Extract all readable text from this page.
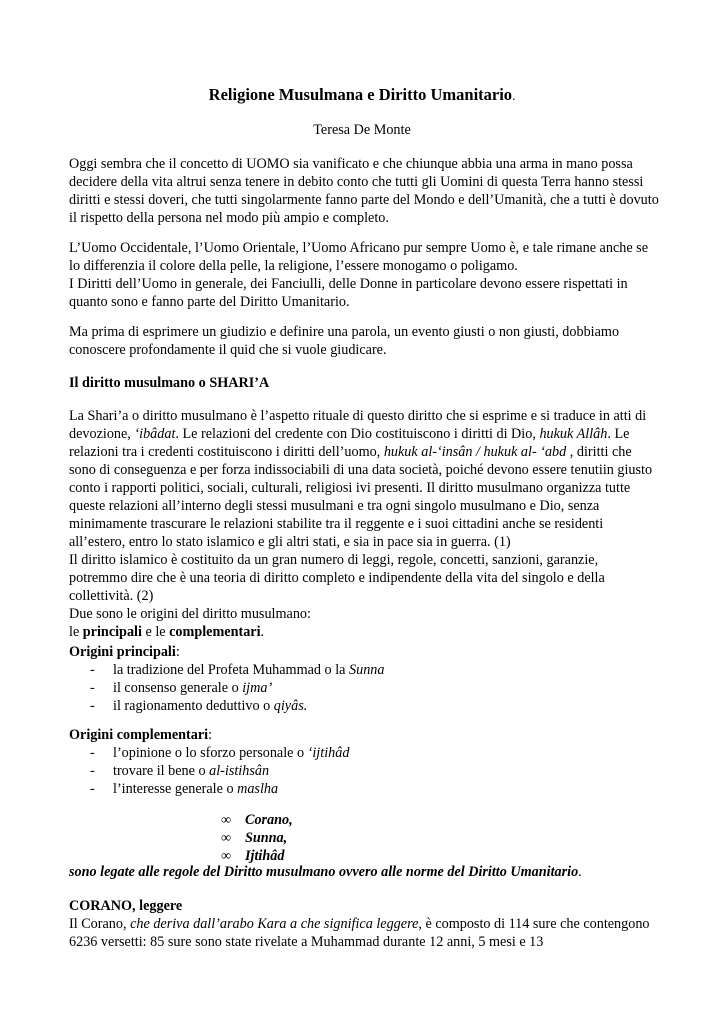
Religione Musulmana e Diritto Umanitario.
Teresa De Monte

Oggi sembra che il concetto di UOMO sia vanificato e che chiunque abbia una arma in mano possa decidere della vita altrui senza tenere in debito conto che tutti gli Uomini di questa Terra hanno stessi diritti e stessi doveri, che tutti singolarmente fanno parte del Mondo e dell’Umanità, che a tutti è dovuto il rispetto della persona nel modo più ampio e completo.

L’Uomo Occidentale, l’Uomo Orientale, l’Uomo Africano pur sempre Uomo è, e tale rimane anche se lo differenzia il colore della pelle, la religione, l’essere monogamo o poligamo.

I Diritti dell’Uomo in generale, dei Fanciulli, delle Donne in particolare devono essere rispettati in quanto sono e fanno parte del Diritto Umanitario.

Ma prima di esprimere un giudizio e definire una parola, un evento giusti o non giusti, dobbiamo conoscere profondamente il quid che si vuole giudicare.

Il diritto musulmano o SHARI’A

La Shari’a o diritto musulmano è l’aspetto rituale di questo diritto che si esprime e si traduce in atti di devozione, ‘ibâdat. Le relazioni del credente con Dio costituiscono i diritti di Dio, hukuk Allâh. Le relazioni tra i credenti costituiscono i diritti dell’uomo, hukuk al-‘insân / hukuk al- ‘abd , diritti che sono di conseguenza e per forza indissociabili di una data società, poiché devono essere tenutiin giusto conto i rapporti politici, sociali, culturali, religiosi ivi presenti. Il diritto musulmano organizza tutte queste relazioni all’interno degli stessi musulmani e tra ogni singolo musulmano e Dio, senza minimamente trascurare le relazioni stabilite tra il reggente e i suoi cittadini anche se residenti all’estero, entro lo stato islamico e gli altri stati, e sia in pace sia in guerra. (1)

Il diritto islamico è costituito da un gran numero di leggi, regole, concetti, sanzioni, garanzie, potremmo dire che è una teoria di diritto completo e indipendente della vita del singolo e della collettività. (2)

Due sono le origini del diritto musulmano:

le principali e le complementari.

Origini principali:

- la tradizione del Profeta Muhammad o la Sunna
- il consenso generale o ijma’
- il ragionamento deduttivo o qiyâs.

Origini complementari:

- l’opinione o lo sforzo personale o ‘ijtihâd
- trovare il bene o al-istihsân
- l’interesse generale o maslha
∞ Corano,
∞ Sunna,
∞ Ijtihâd

sono legate alle regole del Diritto musulmano ovvero alle norme del Diritto Umanitario.

CORANO, leggere

Il Corano, che deriva dall’arabo Kara a che significa leggere, è composto di 114 sure che contengono 6236 versetti: 85 sure sono state rivelate a Muhammad durante 12 anni, 5 mesi e 13
